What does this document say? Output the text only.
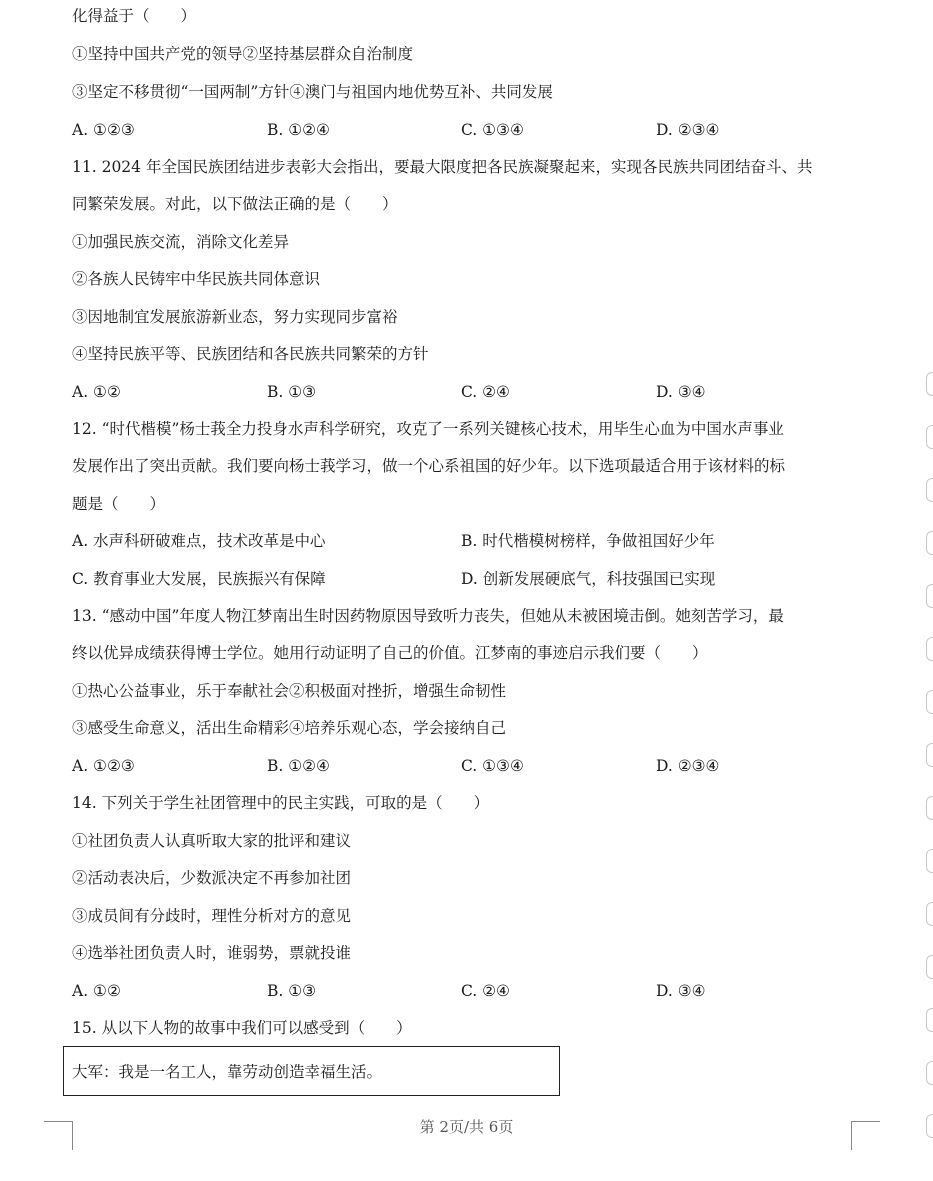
化得益于（　　）
①坚持中国共产党的领导②坚持基层群众自治制度
③坚定不移贯彻“一国两制”方针④澳门与祖国内地优势互补、共同发展
A. ①②③	B. ①②④	C. ①③④	D. ②③④
11. 2024 年全国民族团结进步表彰大会指出，要最大限度把各民族凝聚起来，实现各民族共同团结奋斗、共
同繁荣发展。对此，以下做法正确的是（　　）
①加强民族交流，消除文化差异
②各族人民铸牢中华民族共同体意识
③因地制宜发展旅游新业态，努力实现同步富裕
④坚持民族平等、民族团结和各民族共同繁荣的方针
A. ①②	B. ①③	C. ②④	D. ③④
12. “时代楷模”杨士莪全力投身水声科学研究，攻克了一系列关键核心技术，用毕生心血为中国水声事业
发展作出了突出贡献。我们要向杨士莪学习，做一个心系祖国的好少年。以下选项最适合用于该材料的标
题是（　　）
A. 水声科研破难点，技术改革是中心	B. 时代楷模树榜样，争做祖国好少年
C. 教育事业大发展，民族振兴有保障	D. 创新发展硬底气，科技强国已实现
13. “感动中国”年度人物江梦南出生时因药物原因导致听力丧失，但她从未被困境击倒。她刻苦学习，最
终以优异成绩获得博士学位。她用行动证明了自己的价值。江梦南的事迹启示我们要（　　）
①热心公益事业，乐于奉献社会②积极面对挫折，增强生命韧性
③感受生命意义，活出生命精彩④培养乐观心态，学会接纳自己
A. ①②③	B. ①②④	C. ①③④	D. ②③④
14. 下列关于学生社团管理中的民主实践，可取的是（　　）
①社团负责人认真听取大家的批评和建议
②活动表决后，少数派决定不再参加社团
③成员间有分歧时，理性分析对方的意见
④选举社团负责人时，谁弱势，票就投谁
A. ①②	B. ①③	C. ②④	D. ③④
15. 从以下人物的故事中我们可以感受到（　　）
大军：我是一名工人，靠劳动创造幸福生活。
第 2页/共 6页
